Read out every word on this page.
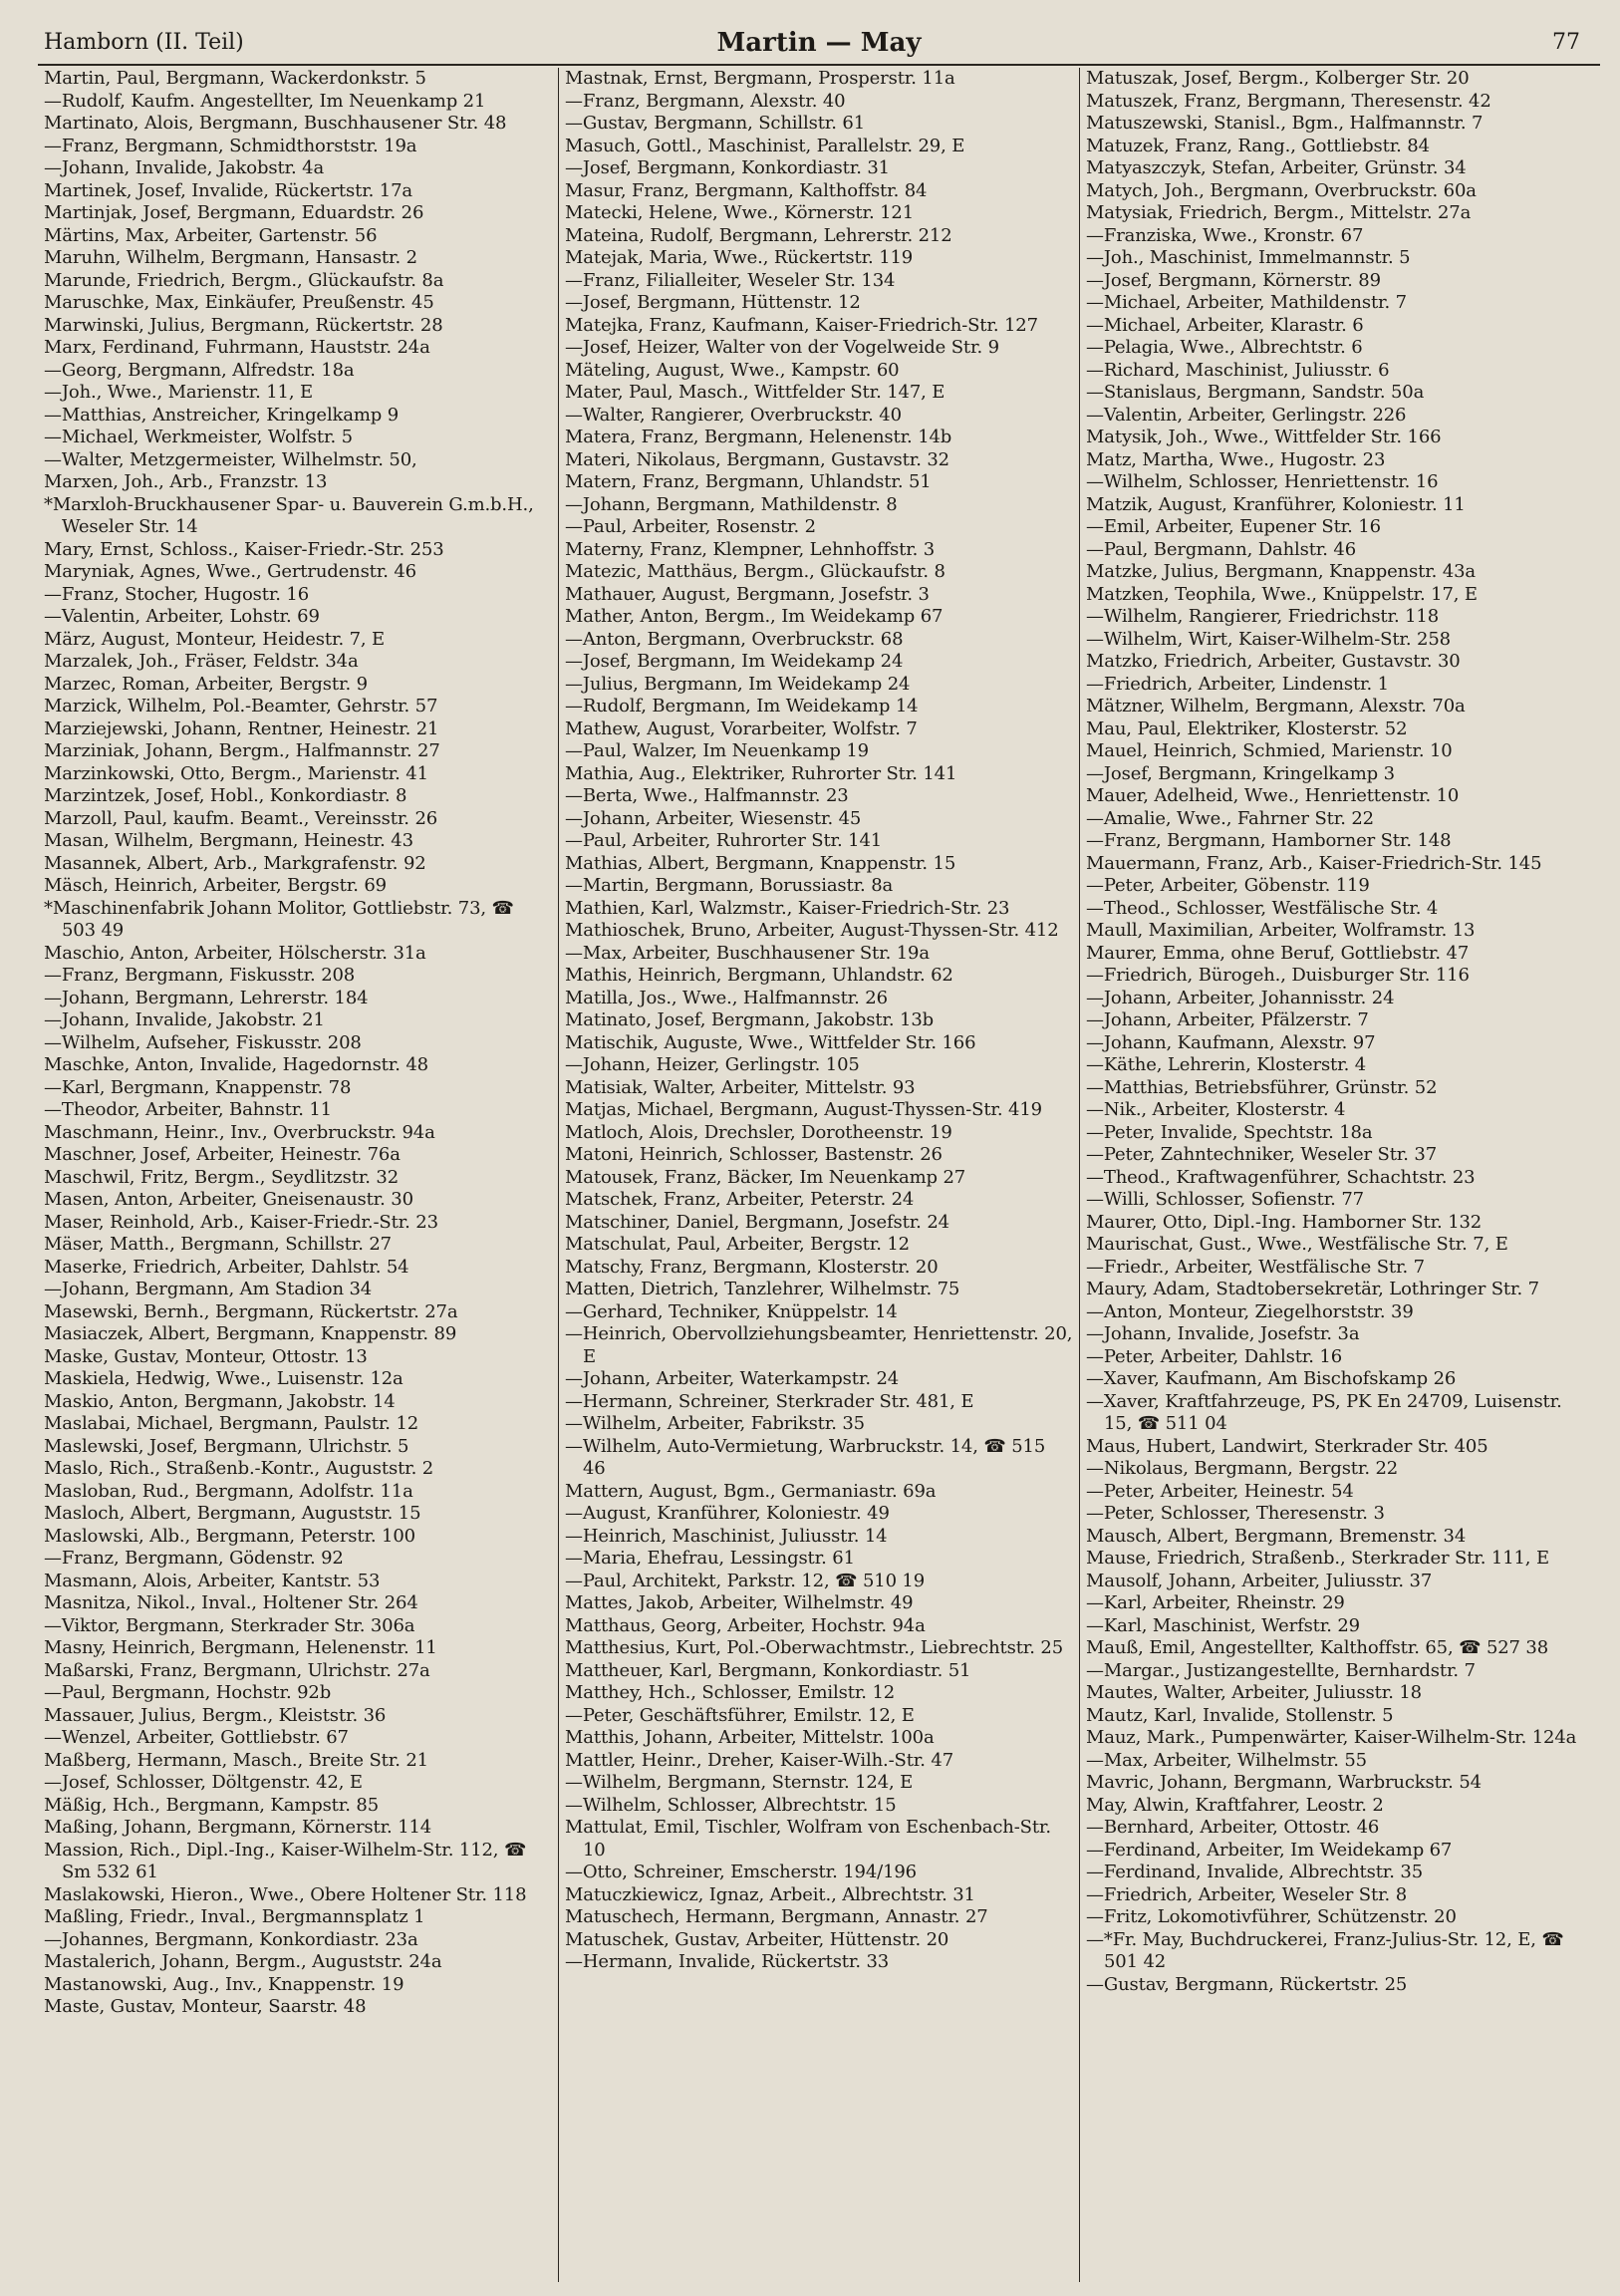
Hamborn (II. Teil)	Martin — May	77
Martin, Paul, Bergmann, Wackerdonkstr. 5
—Rudolf, Kaufm. Angestellter, Im Neuenkamp 21
Martinato, Alois, Bergmann, Buschhausener Str. 48
—Franz, Bergmann, Schmidthorststr. 19a
—Johann, Invalide, Jakobstr. 4a
Martinek, Josef, Invalide, Rückertstr. 17a
Martinjak, Josef, Bergmann, Eduardstr. 26
Märtins, Max, Arbeiter, Gartenstr. 56
Maruhn, Wilhelm, Bergmann, Hansastr. 2
Marunde, Friedrich, Bergm., Glückaufstr. 8a
Maruschke, Max, Einkäufer, Preußenstr. 45
Marwinski, Julius, Bergmann, Rückertstr. 28
Marx, Ferdinand, Fuhrmann, Hauststr. 24a
—Georg, Bergmann, Alfredstr. 18a
—Joh., Wwe., Marienstr. 11, E
—Matthias, Anstreicher, Kringelkamp 9
—Michael, Werkmeister, Wolfstr. 5
—Walter, Metzgermeister, Wilhelmstr. 50,
Marxen, Joh., Arb., Franzstr. 13
*Marxloh-Bruckhausener Spar- u. Bauverein G.m.b.H., Weseler Str. 14
Mary, Ernst, Schloss., Kaiser-Friedr.-Str. 253
Maryniak, Agnes, Wwe., Gertrudenstr. 46
—Franz, Stocher, Hugostr. 16
—Valentin, Arbeiter, Lohstr. 69
März, August, Monteur, Heidestr. 7, E
Marzalek, Joh., Fräser, Feldstr. 34a
Marzec, Roman, Arbeiter, Bergstr. 9
Marzick, Wilhelm, Pol.-Beamter, Gehrstr. 57
Marziejewski, Johann, Rentner, Heinestr. 21
Marziniak, Johann, Bergm., Halfmannstr. 27
Marzinkowski, Otto, Bergm., Marienstr. 41
Marzintzek, Josef, Hobl., Konkordiastr. 8
Marzoll, Paul, kaufm. Beamt., Vereinsstr. 26
Masan, Wilhelm, Bergmann, Heinestr. 43
Masannek, Albert, Arb., Markgrafenstr. 92
Mäsch, Heinrich, Arbeiter, Bergstr. 69
*Maschinenfabrik Johann Molitor, Gottliebstr. 73, ☎ 503 49
Maschio, Anton, Arbeiter, Hölscherstr. 31a
—Franz, Bergmann, Fiskusstr. 208
—Johann, Bergmann, Lehrerstr. 184
—Johann, Invalide, Jakobstr. 21
—Wilhelm, Aufseher, Fiskusstr. 208
Maschke, Anton, Invalide, Hagedornstr. 48
—Karl, Bergmann, Knappenstr. 78
—Theodor, Arbeiter, Bahnstr. 11
Maschmann, Heinr., Inv., Overbruckstr. 94a
Maschner, Josef, Arbeiter, Heinestr. 76a
Maschwil, Fritz, Bergm., Seydlitzstr. 32
Masen, Anton, Arbeiter, Gneisenaustr. 30
Maser, Reinhold, Arb., Kaiser-Friedr.-Str. 23
Mäser, Matth., Bergmann, Schillstr. 27
Maserke, Friedrich, Arbeiter, Dahlstr. 54
—Johann, Bergmann, Am Stadion 34
Masewski, Bernh., Bergmann, Rückertstr. 27a
Masiaczek, Albert, Bergmann, Knappenstr. 89
Maske, Gustav, Monteur, Ottostr. 13
Maskiela, Hedwig, Wwe., Luisenstr. 12a
Maskio, Anton, Bergmann, Jakobstr. 14
Maslabai, Michael, Bergmann, Paulstr. 12
Maslewski, Josef, Bergmann, Ulrichstr. 5
Maslo, Rich., Straßenb.-Kontr., Auguststr. 2
Masloban, Rud., Bergmann, Adolfstr. 11a
Masloch, Albert, Bergmann, Auguststr. 15
Maslowski, Alb., Bergmann, Peterstr. 100
—Franz, Bergmann, Gödenstr. 92
Masmann, Alois, Arbeiter, Kantstr. 53
Masnitza, Nikol., Inval., Holtener Str. 264
—Viktor, Bergmann, Sterkrader Str. 306a
Masny, Heinrich, Bergmann, Helenenstr. 11
Maßarski, Franz, Bergmann, Ulrichstr. 27a
—Paul, Bergmann, Hochstr. 92b
Massauer, Julius, Bergm., Kleiststr. 36
—Wenzel, Arbeiter, Gottliebstr. 67
Maßberg, Hermann, Masch., Breite Str. 21
—Josef, Schlosser, Döltgenstr. 42, E
Mäßig, Hch., Bergmann, Kampstr. 85
Maßing, Johann, Bergmann, Körnerstr. 114
Massion, Rich., Dipl.-Ing., Kaiser-Wilhelm-Str. 112, ☎ Sm 532 61
Maslakowski, Hieron., Wwe., Obere Holtener Str. 118
Maßling, Friedr., Inval., Bergmannsplatz 1
—Johannes, Bergmann, Konkordiastr. 23a
Mastalerich, Johann, Bergm., Auguststr. 24a
Mastanowski, Aug., Inv., Knappenstr. 19
Maste, Gustav, Monteur, Saarstr. 48
Mastnak, Ernst, Bergmann, Prosperstr. 11a
—Franz, Bergmann, Alexstr. 40
—Gustav, Bergmann, Schillstr. 61
Masuch, Gottl., Maschinist, Parallelstr. 29, E
—Josef, Bergmann, Konkordiastr. 31
Masur, Franz, Bergmann, Kalthoffstr. 84
Matecki, Helene, Wwe., Körnerstr. 121
Mateina, Rudolf, Bergmann, Lehrerstr. 212
Matejak, Maria, Wwe., Rückertstr. 119
—Franz, Filialleiter, Weseler Str. 134
—Josef, Bergmann, Hüttenstr. 12
Matejka, Franz, Kaufmann, Kaiser-Friedrich-Str. 127
—Josef, Heizer, Walter von der Vogelweide Str. 9
Mäteling, August, Wwe., Kampstr. 60
Mater, Paul, Masch., Wittfelder Str. 147, E
—Walter, Rangierer, Overbruckstr. 40
Matera, Franz, Bergmann, Helenenstr. 14b
Materi, Nikolaus, Bergmann, Gustavstr. 32
Matern, Franz, Bergmann, Uhlandstr. 51
—Johann, Bergmann, Mathildenstr. 8
—Paul, Arbeiter, Rosenstr. 2
Materny, Franz, Klempner, Lehnhoffstr. 3
Matezic, Matthäus, Bergm., Glückaufstr. 8
Mathauer, August, Bergmann, Josefstr. 3
Mather, Anton, Bergm., Im Weidekamp 67
—Anton, Bergmann, Overbruckstr. 68
—Josef, Bergmann, Im Weidekamp 24
—Julius, Bergmann, Im Weidekamp 24
—Rudolf, Bergmann, Im Weidekamp 14
Mathew, August, Vorarbeiter, Wolfstr. 7
—Paul, Walzer, Im Neuenkamp 19
Mathia, Aug., Elektriker, Ruhrorter Str. 141
—Berta, Wwe., Halfmannstr. 23
—Johann, Arbeiter, Wiesenstr. 45
—Paul, Arbeiter, Ruhrorter Str. 141
Mathias, Albert, Bergmann, Knappenstr. 15
—Martin, Bergmann, Borussiastr. 8a
Mathien, Karl, Walzmstr., Kaiser-Friedrich-Str. 23
Mathioschek, Bruno, Arbeiter, August-Thyssen-Str. 412
—Max, Arbeiter, Buschhausener Str. 19a
Mathis, Heinrich, Bergmann, Uhlandstr. 62
Matilla, Jos., Wwe., Halfmannstr. 26
Matinato, Josef, Bergmann, Jakobstr. 13b
Matischik, Auguste, Wwe., Wittfelder Str. 166
—Johann, Heizer, Gerlingstr. 105
Matisiak, Walter, Arbeiter, Mittelstr. 93
Matjas, Michael, Bergmann, August-Thyssen-Str. 419
Matloch, Alois, Drechsler, Dorotheenstr. 19
Matoni, Heinrich, Schlosser, Bastenstr. 26
Matousek, Franz, Bäcker, Im Neuenkamp 27
Matschek, Franz, Arbeiter, Peterstr. 24
Matschiner, Daniel, Bergmann, Josefstr. 24
Matschulat, Paul, Arbeiter, Bergstr. 12
Matschy, Franz, Bergmann, Klosterstr. 20
Matten, Dietrich, Tanzlehrer, Wilhelmstr. 75
—Gerhard, Techniker, Knüppelstr. 14
—Heinrich, Obervollziehungsbeamter, Henriettenstr. 20, E
—Johann, Arbeiter, Waterkampstr. 24
—Hermann, Schreiner, Sterkrader Str. 481, E
—Wilhelm, Arbeiter, Fabrikstr. 35
—Wilhelm, Auto-Vermietung, Warbruckstr. 14, ☎ 515 46
Mattern, August, Bgm., Germaniastr. 69a
—August, Kranführer, Koloniestr. 49
—Heinrich, Maschinist, Juliusstr. 14
—Maria, Ehefrau, Lessingstr. 61
—Paul, Architekt, Parkstr. 12, ☎ 510 19
Mattes, Jakob, Arbeiter, Wilhelmstr. 49
Matthaus, Georg, Arbeiter, Hochstr. 94a
Matthesius, Kurt, Pol.-Oberwachtmstr., Liebrechtstr. 25
Mattheuer, Karl, Bergmann, Konkordiastr. 51
Matthey, Hch., Schlosser, Emilstr. 12
—Peter, Geschäftsführer, Emilstr. 12, E
Matthis, Johann, Arbeiter, Mittelstr. 100a
Mattler, Heinr., Dreher, Kaiser-Wilh.-Str. 47
—Wilhelm, Bergmann, Sternstr. 124, E
—Wilhelm, Schlosser, Albrechtstr. 15
Mattulat, Emil, Tischler, Wolfram von Eschenbach-Str. 10
—Otto, Schreiner, Emscherstr. 194/196
Matuczkiewicz, Ignaz, Arbeit., Albrechtstr. 31
Matuschech, Hermann, Bergmann, Annastr. 27
Matuschek, Gustav, Arbeiter, Hüttenstr. 20
—Hermann, Invalide, Rückertstr. 33
Matuszak, Josef, Bergm., Kolberger Str. 20
Matuszek, Franz, Bergmann, Theresenstr. 42
Matuszewski, Stanisl., Bgm., Halfmannstr. 7
Matuzek, Franz, Rang., Gottliebstr. 84
Matyaszczyk, Stefan, Arbeiter, Grünstr. 34
Matych, Joh., Bergmann, Overbruckstr. 60a
Matysiak, Friedrich, Bergm., Mittelstr. 27a
—Franziska, Wwe., Kronstr. 67
—Joh., Maschinist, Immelmannstr. 5
—Josef, Bergmann, Körnerstr. 89
—Michael, Arbeiter, Mathildenstr. 7
—Michael, Arbeiter, Klarastr. 6
—Pelagia, Wwe., Albrechtstr. 6
—Richard, Maschinist, Juliusstr. 6
—Stanislaus, Bergmann, Sandstr. 50a
—Valentin, Arbeiter, Gerlingstr. 226
Matysik, Joh., Wwe., Wittfelder Str. 166
Matz, Martha, Wwe., Hugostr. 23
—Wilhelm, Schlosser, Henriettenstr. 16
Matzik, August, Kranführer, Koloniestr. 11
—Emil, Arbeiter, Eupener Str. 16
—Paul, Bergmann, Dahlstr. 46
Matzke, Julius, Bergmann, Knappenstr. 43a
Matzken, Teophila, Wwe., Knüppelstr. 17, E
—Wilhelm, Rangierer, Friedrichstr. 118
—Wilhelm, Wirt, Kaiser-Wilhelm-Str. 258
Matzko, Friedrich, Arbeiter, Gustavstr. 30
—Friedrich, Arbeiter, Lindenstr. 1
Mätzner, Wilhelm, Bergmann, Alexstr. 70a
Mau, Paul, Elektriker, Klosterstr. 52
Mauel, Heinrich, Schmied, Marienstr. 10
—Josef, Bergmann, Kringelkamp 3
Mauer, Adelheid, Wwe., Henriettenstr. 10
—Amalie, Wwe., Fahrner Str. 22
—Franz, Bergmann, Hamborner Str. 148
Mauermann, Franz, Arb., Kaiser-Friedrich-Str. 145
—Peter, Arbeiter, Göbenstr. 119
—Theod., Schlosser, Westfälische Str. 4
Maull, Maximilian, Arbeiter, Wolframstr. 13
Maurer, Emma, ohne Beruf, Gottliebstr. 47
—Friedrich, Bürogeh., Duisburger Str. 116
—Johann, Arbeiter, Johannisstr. 24
—Johann, Arbeiter, Pfälzerstr. 7
—Johann, Kaufmann, Alexstr. 97
—Käthe, Lehrerin, Klosterstr. 4
—Matthias, Betriebsführer, Grünstr. 52
—Nik., Arbeiter, Klosterstr. 4
—Peter, Invalide, Spechtstr. 18a
—Peter, Zahntechniker, Weseler Str. 37
—Theod., Kraftwagenführer, Schachtstr. 23
—Willi, Schlosser, Sofienstr. 77
Maurer, Otto, Dipl.-Ing. Hamborner Str. 132
Maurischat, Gust., Wwe., Westfälische Str. 7, E
—Friedr., Arbeiter, Westfälische Str. 7
Maury, Adam, Stadtobersekretär, Lothringer Str. 7
—Anton, Monteur, Ziegelhorststr. 39
—Johann, Invalide, Josefstr. 3a
—Peter, Arbeiter, Dahlstr. 16
—Xaver, Kaufmann, Am Bischofskamp 26
—Xaver, Kraftfahrzeuge, PS, PK En 24709, Luisenstr. 15, ☎ 511 04
Maus, Hubert, Landwirt, Sterkrader Str. 405
—Nikolaus, Bergmann, Bergstr. 22
—Peter, Arbeiter, Heinestr. 54
—Peter, Schlosser, Theresenstr. 3
Mausch, Albert, Bergmann, Bremenstr. 34
Mause, Friedrich, Straßenb., Sterkrader Str. 111, E
Mausolf, Johann, Arbeiter, Juliusstr. 37
—Karl, Arbeiter, Rheinstr. 29
—Karl, Maschinist, Werfstr. 29
Mauß, Emil, Angestellter, Kalthoffstr. 65, ☎ 527 38
—Margar., Justizangestellte, Bernhardstr. 7
Mautes, Walter, Arbeiter, Juliusstr. 18
Mautz, Karl, Invalide, Stollenstr. 5
Mauz, Mark., Pumpenwärter, Kaiser-Wilhelm-Str. 124a
—Max, Arbeiter, Wilhelmstr. 55
Mavric, Johann, Bergmann, Warbruckstr. 54
May, Alwin, Kraftfahrer, Leostr. 2
—Bernhard, Arbeiter, Ottostr. 46
—Ferdinand, Arbeiter, Im Weidekamp 67
—Ferdinand, Invalide, Albrechtstr. 35
—Friedrich, Arbeiter, Weseler Str. 8
—Fritz, Lokomotivführer, Schützenstr. 20
—*Fr. May, Buchdruckerei, Franz-Julius-Str. 12, E, ☎ 501 42
—Gustav, Bergmann, Rückertstr. 25
